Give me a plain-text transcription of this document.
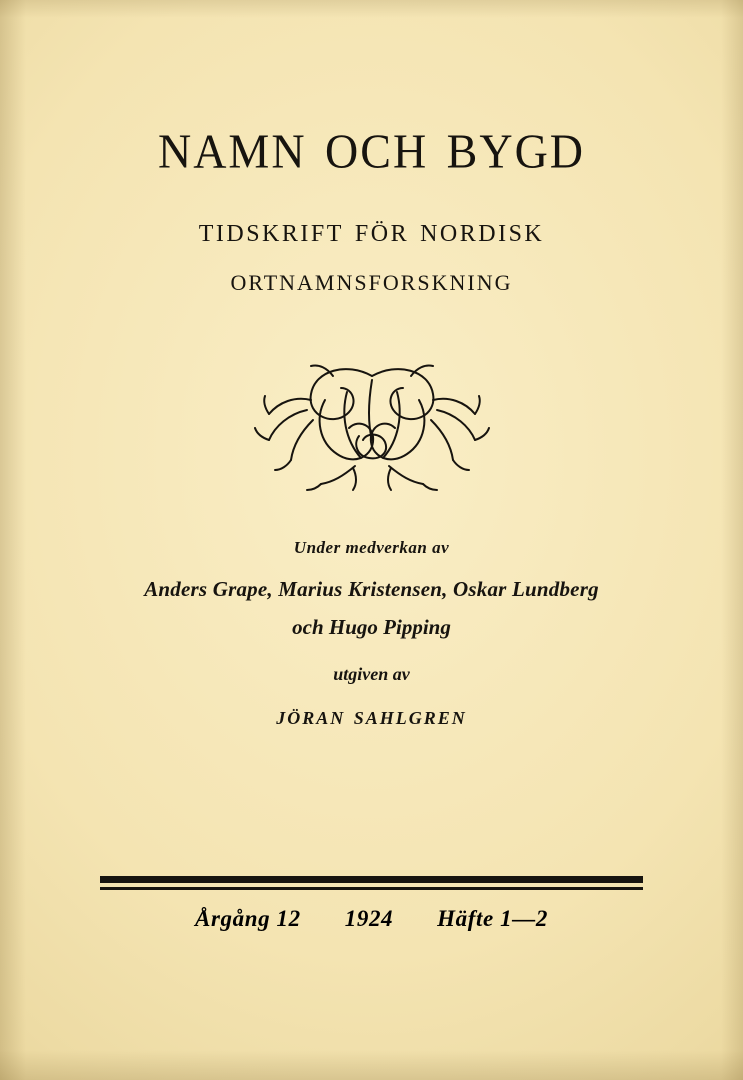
namn och bygd
tidskrift för nordisk
ortnamnsforskning
Under medverkan av
Anders Grape, Marius Kristensen, Oskar Lundberg
och Hugo Pipping
utgiven av
jöran sahlgren
Årgång 12 1924 Häfte 1—2
